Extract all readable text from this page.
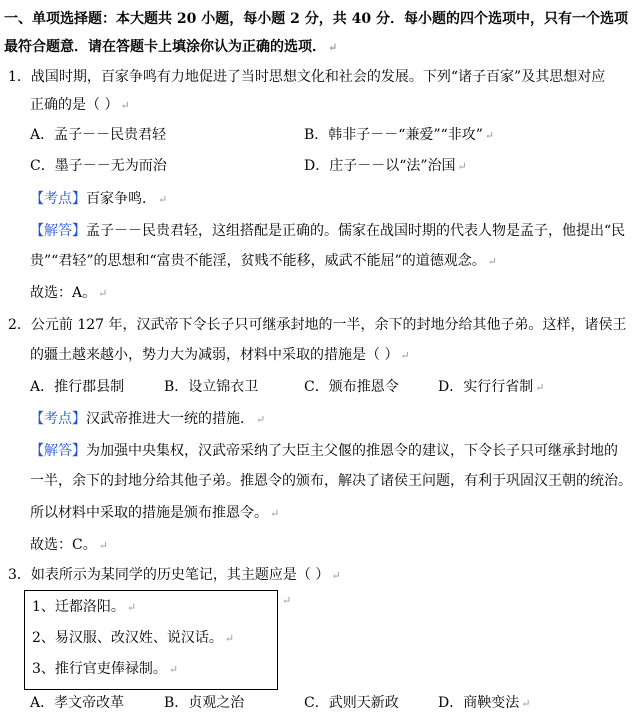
一、单项选择题：本大题共 20 小题，每小题 2 分，共 40 分．每小题的四个选项中，只有一个选项
最符合题意．请在答题卡上填涂你认为正确的选项． ↵
1．战国时期，百家争鸣有力地促进了当时思想文化和社会的发展。下列“诸子百家”及其思想对应
正确的是（ ） ↵
A．孟子－－民贵君轻	B．韩非子－－“兼爱”“非攻” ↵
C．墨子－－无为而治	D．庄子－－以“法”治国 ↵
【考点】百家争鸣． ↵
【解答】孟子－－民贵君轻，这组搭配是正确的。儒家在战国时期的代表人物是孟子，他提出“民
贵”“君轻”的思想和“富贵不能淫，贫贱不能移，威武不能屈”的道德观念。 ↵
故选：A。 ↵
2．公元前 127 年，汉武帝下令长子只可继承封地的一半，余下的封地分给其他子弟。这样，诸侯王
的疆土越来越小，势力大为减弱，材料中采取的措施是（ ） ↵
A．推行郡县制	B．设立锦衣卫	C．颁布推恩令	D．实行行省制 ↵
【考点】汉武帝推进大一统的措施． ↵
【解答】为加强中央集权，汉武帝采纳了大臣主父偃的推恩令的建议，下令长子只可继承封地的
一半，余下的封地分给其他子弟。推恩令的颁布，解决了诸侯王问题，有利于巩固汉王朝的统治。
所以材料中采取的措施是颁布推恩令。 ↵
故选：C。 ↵
3．如表所示为某同学的历史笔记，其主题应是（ ） ↵
↵
1、迁都洛阳。 ↵
2、易汉服、改汉姓、说汉话。 ↵
3、推行官吏俸禄制。 ↵
A．孝文帝改革	B．贞观之治	C．武则天新政	D．商鞅变法 ↵
